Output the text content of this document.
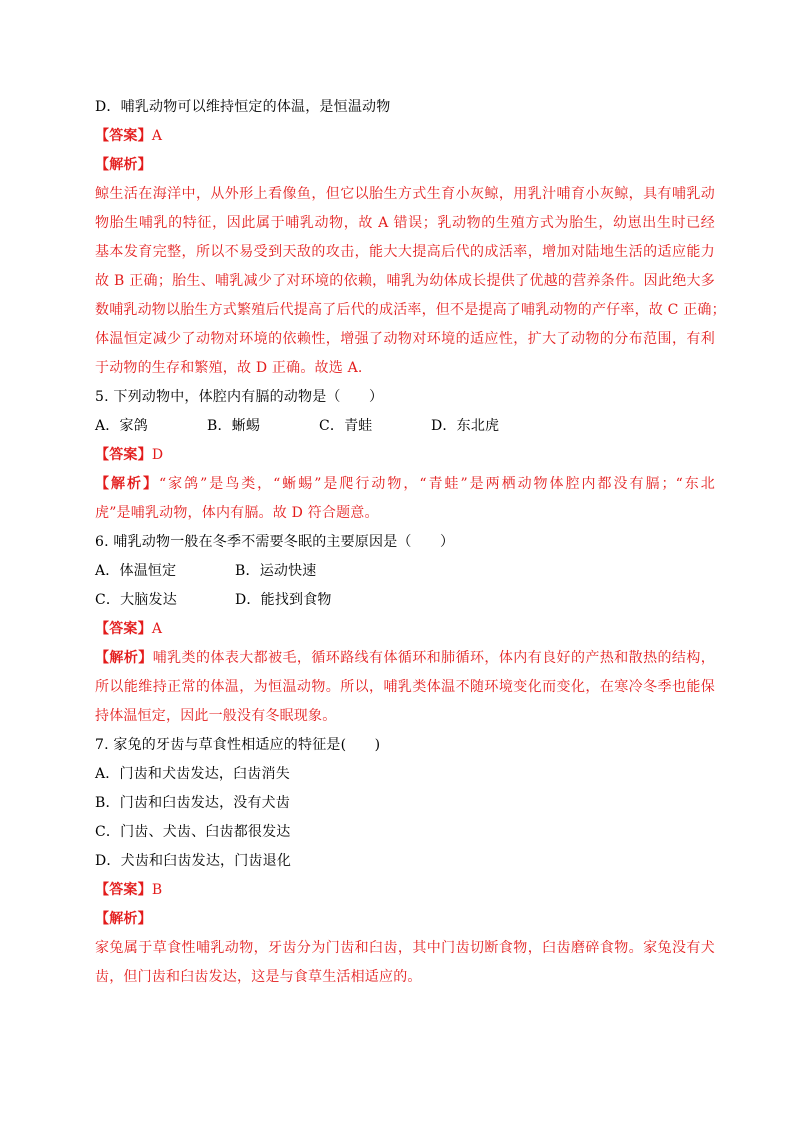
D．哺乳动物可以维持恒定的体温，是恒温动物
【答案】A
【解析】
鲸生活在海洋中，从外形上看像鱼，但它以胎生方式生育小灰鲸，用乳汁哺育小灰鲸，具有哺乳动
物胎生哺乳的特征，因此属于哺乳动物，故 A 错误；乳动物的生殖方式为胎生，幼崽出生时已经
基本发育完整，所以不易受到天敌的攻击，能大大提高后代的成活率，增加对陆地生活的适应能力
故 B 正确；胎生、哺乳减少了对环境的依赖，哺乳为幼体成长提供了优越的营养条件。因此绝大多
数哺乳动物以胎生方式繁殖后代提高了后代的成活率，但不是提高了哺乳动物的产仔率，故 C 正确；
体温恒定减少了动物对环境的依赖性，增强了动物对环境的适应性，扩大了动物的分布范围，有利
于动物的生存和繁殖，故 D 正确。故选 A.
5. 下列动物中，体腔内有膈的动物是（　　）
A．家鸽	B．蜥蜴	C．青蛙	D．东北虎
【答案】D
【解析】“家鸽”是鸟类，“蜥蜴”是爬行动物，“青蛙”是两栖动物体腔内都没有膈；“东北
虎”是哺乳动物，体内有膈。故 D 符合题意。
6. 哺乳动物一般在冬季不需要冬眠的主要原因是（　　）
A．体温恒定	B．运动快速
C．大脑发达	D．能找到食物
【答案】A
【解析】哺乳类的体表大都被毛，循环路线有体循环和肺循环，体内有良好的产热和散热的结构，
所以能维持正常的体温，为恒温动物。所以，哺乳类体温不随环境变化而变化，在寒冷冬季也能保
持体温恒定，因此一般没有冬眠现象。
7. 家兔的牙齿与草食性相适应的特征是(　　)
A．门齿和犬齿发达，臼齿消失
B．门齿和臼齿发达，没有犬齿
C．门齿、犬齿、臼齿都很发达
D．犬齿和臼齿发达，门齿退化
【答案】B
【解析】
家兔属于草食性哺乳动物，牙齿分为门齿和臼齿，其中门齿切断食物，臼齿磨碎食物。家兔没有犬
齿，但门齿和臼齿发达，这是与食草生活相适应的。
